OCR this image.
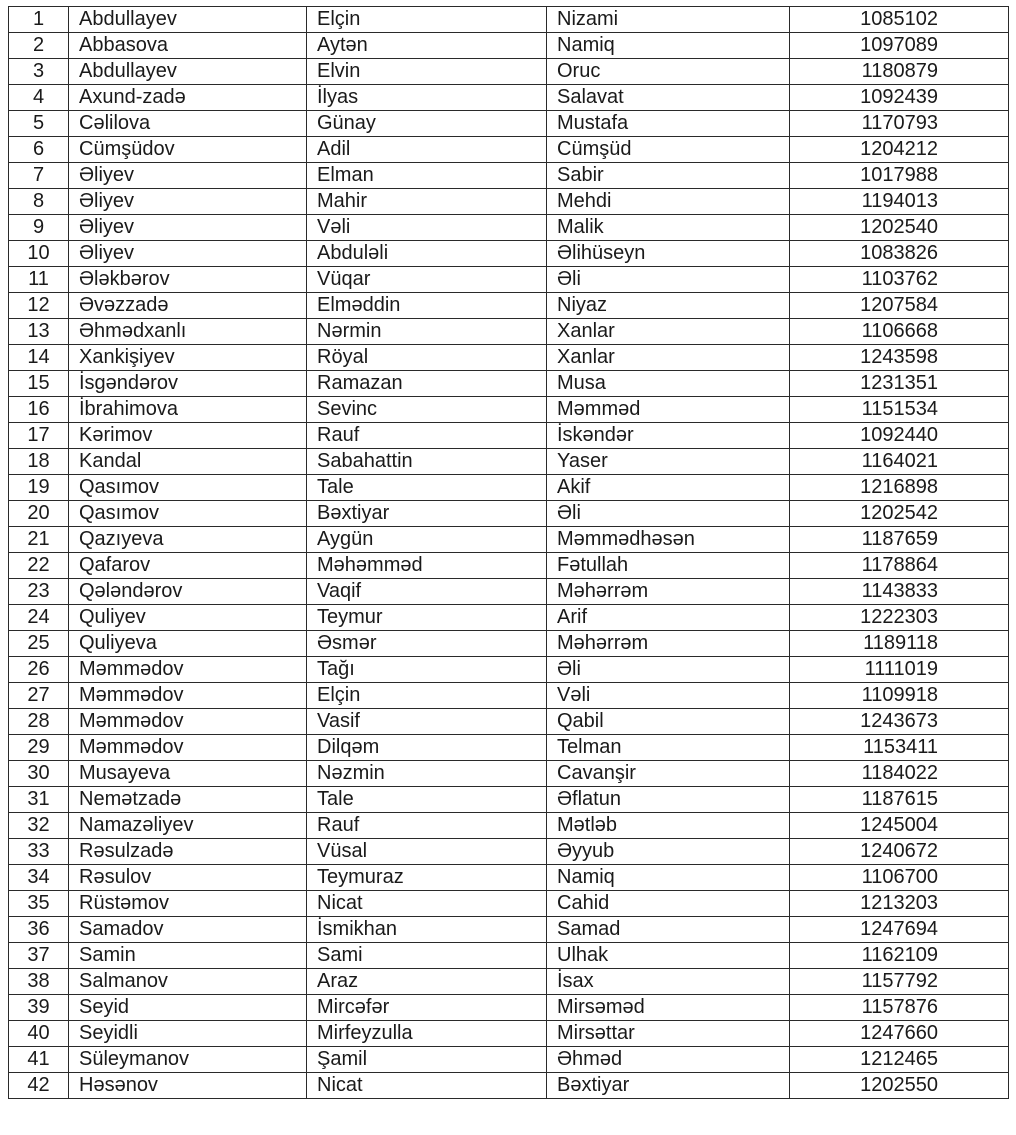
1	Abdullayev	Elçin	Nizami	1085102
2	Abbasova	Aytən	Namiq	1097089
3	Abdullayev	Elvin	Oruc	1180879
4	Axund-zadə	İlyas	Salavat	1092439
5	Cəlilova	Günay	Mustafa	1170793
6	Cümşüdov	Adil	Cümşüd	1204212
7	Əliyev	Elman	Sabir	1017988
8	Əliyev	Mahir	Mehdi	1194013
9	Əliyev	Vəli	Malik	1202540
10	Əliyev	Abduləli	Əlihüseyn	1083826
11	Ələkbərov	Vüqar	Əli	1103762
12	Əvəzzadə	Elməddin	Niyaz	1207584
13	Əhmədxanlı	Nərmin	Xanlar	1106668
14	Xankişiyev	Röyal	Xanlar	1243598
15	İsgəndərov	Ramazan	Musa	1231351
16	İbrahimova	Sevinc	Məmməd	1151534
17	Kərimov	Rauf	İskəndər	1092440
18	Kandal	Sabahattin	Yaser	1164021
19	Qasımov	Tale	Akif	1216898
20	Qasımov	Bəxtiyar	Əli	1202542
21	Qazıyeva	Aygün	Məmmədhəsən	1187659
22	Qafarov	Məhəmməd	Fətullah	1178864
23	Qələndərov	Vaqif	Məhərrəm	1143833
24	Quliyev	Teymur	Arif	1222303
25	Quliyeva	Əsmər	Məhərrəm	1189118
26	Məmmədov	Tağı	Əli	1111019
27	Məmmədov	Elçin	Vəli	1109918
28	Məmmədov	Vasif	Qabil	1243673
29	Məmmədov	Dilqəm	Telman	1153411
30	Musayeva	Nəzmin	Cavanşir	1184022
31	Nemətzadə	Tale	Əflatun	1187615
32	Namazəliyev	Rauf	Mətləb	1245004
33	Rəsulzadə	Vüsal	Əyyub	1240672
34	Rəsulov	Teymuraz	Namiq	1106700
35	Rüstəmov	Nicat	Cahid	1213203
36	Samadov	İsmikhan	Samad	1247694
37	Samin	Sami	Ulhak	1162109
38	Salmanov	Araz	İsax	1157792
39	Seyid	Mircəfər	Mirsəməd	1157876
40	Seyidli	Mirfeyzulla	Mirsəttar	1247660
41	Süleymanov	Şamil	Əhməd	1212465
42	Həsənov	Nicat	Bəxtiyar	1202550
